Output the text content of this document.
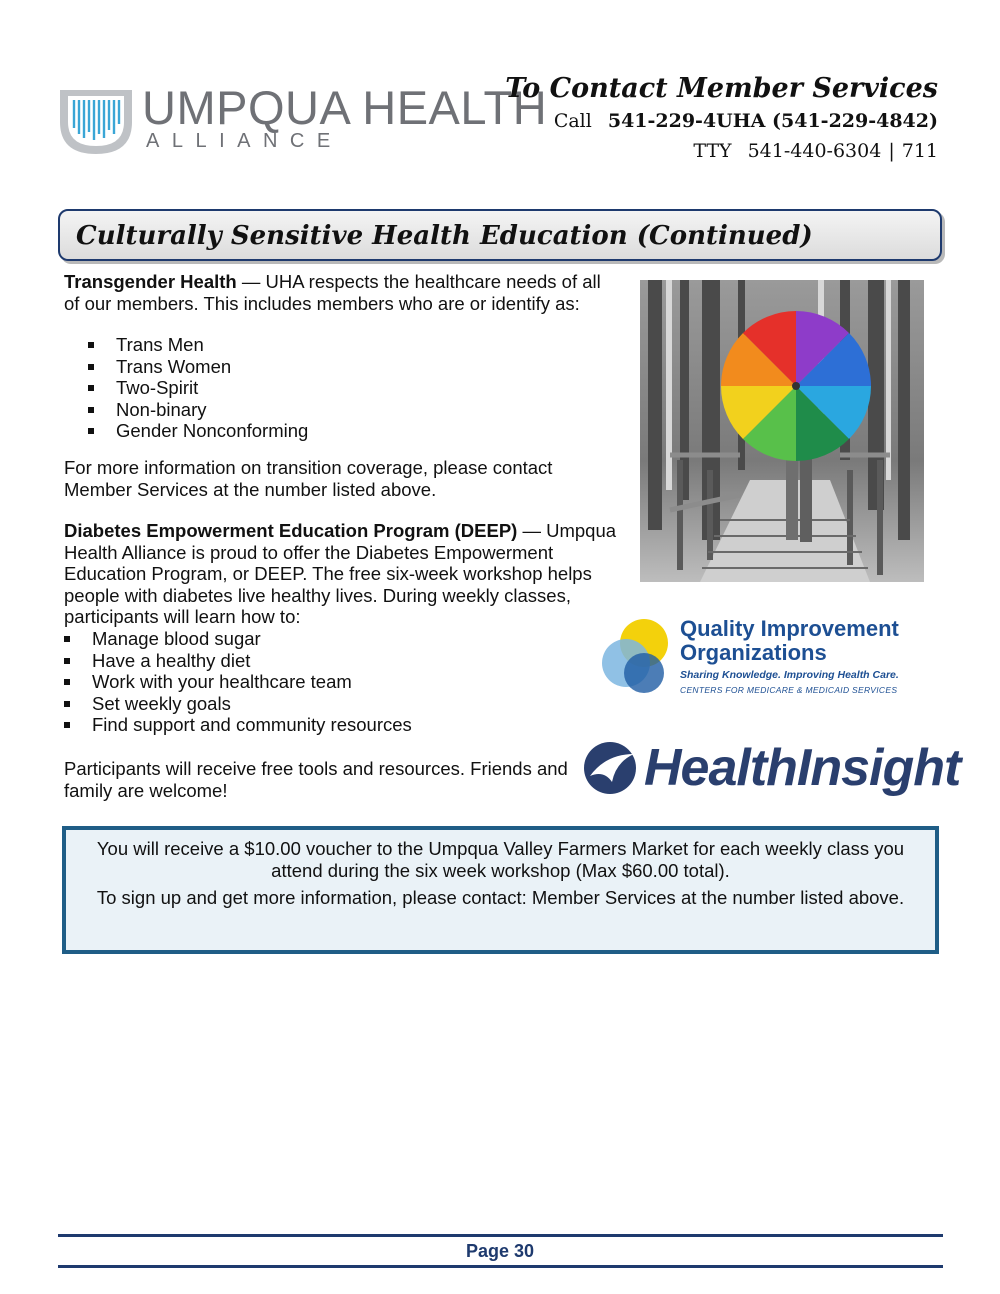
UMPQUA HEALTH
ALLIANCE
To Contact Member Services
Call 541-229-4UHA (541-229-4842)
TTY 541-440-6304 | 711
Culturally Sensitive Health Education (Continued)
Transgender Health — UHA respects the healthcare needs of all of our members. This includes members who are or identify as:
Trans Men
Trans Women
Two-Spirit
Non-binary
Gender Nonconforming
For more information on transition coverage, please contact Member Services at the number listed above.
Diabetes Empowerment Education Program (DEEP) — Umpqua Health Alliance is proud to offer the Diabetes Empowerment Education Program, or DEEP. The free six-week workshop helps people with diabetes live healthy lives. During weekly classes, participants will learn how to:
Manage blood sugar
Have a healthy diet
Work with your healthcare team
Set weekly goals
Find support and community resources
Participants will receive free tools and resources. Friends and family are welcome!
Quality Improvement
Organizations
Sharing Knowledge. Improving Health Care.
CENTERS FOR MEDICARE & MEDICAID SERVICES
HealthInsight

You will receive a $10.00 voucher to the Umpqua Valley Farmers Market for each weekly class you attend during the six week workshop (Max $60.00 total).

To sign up and get more information, please contact: Member Services at the number listed above.

Page 30
